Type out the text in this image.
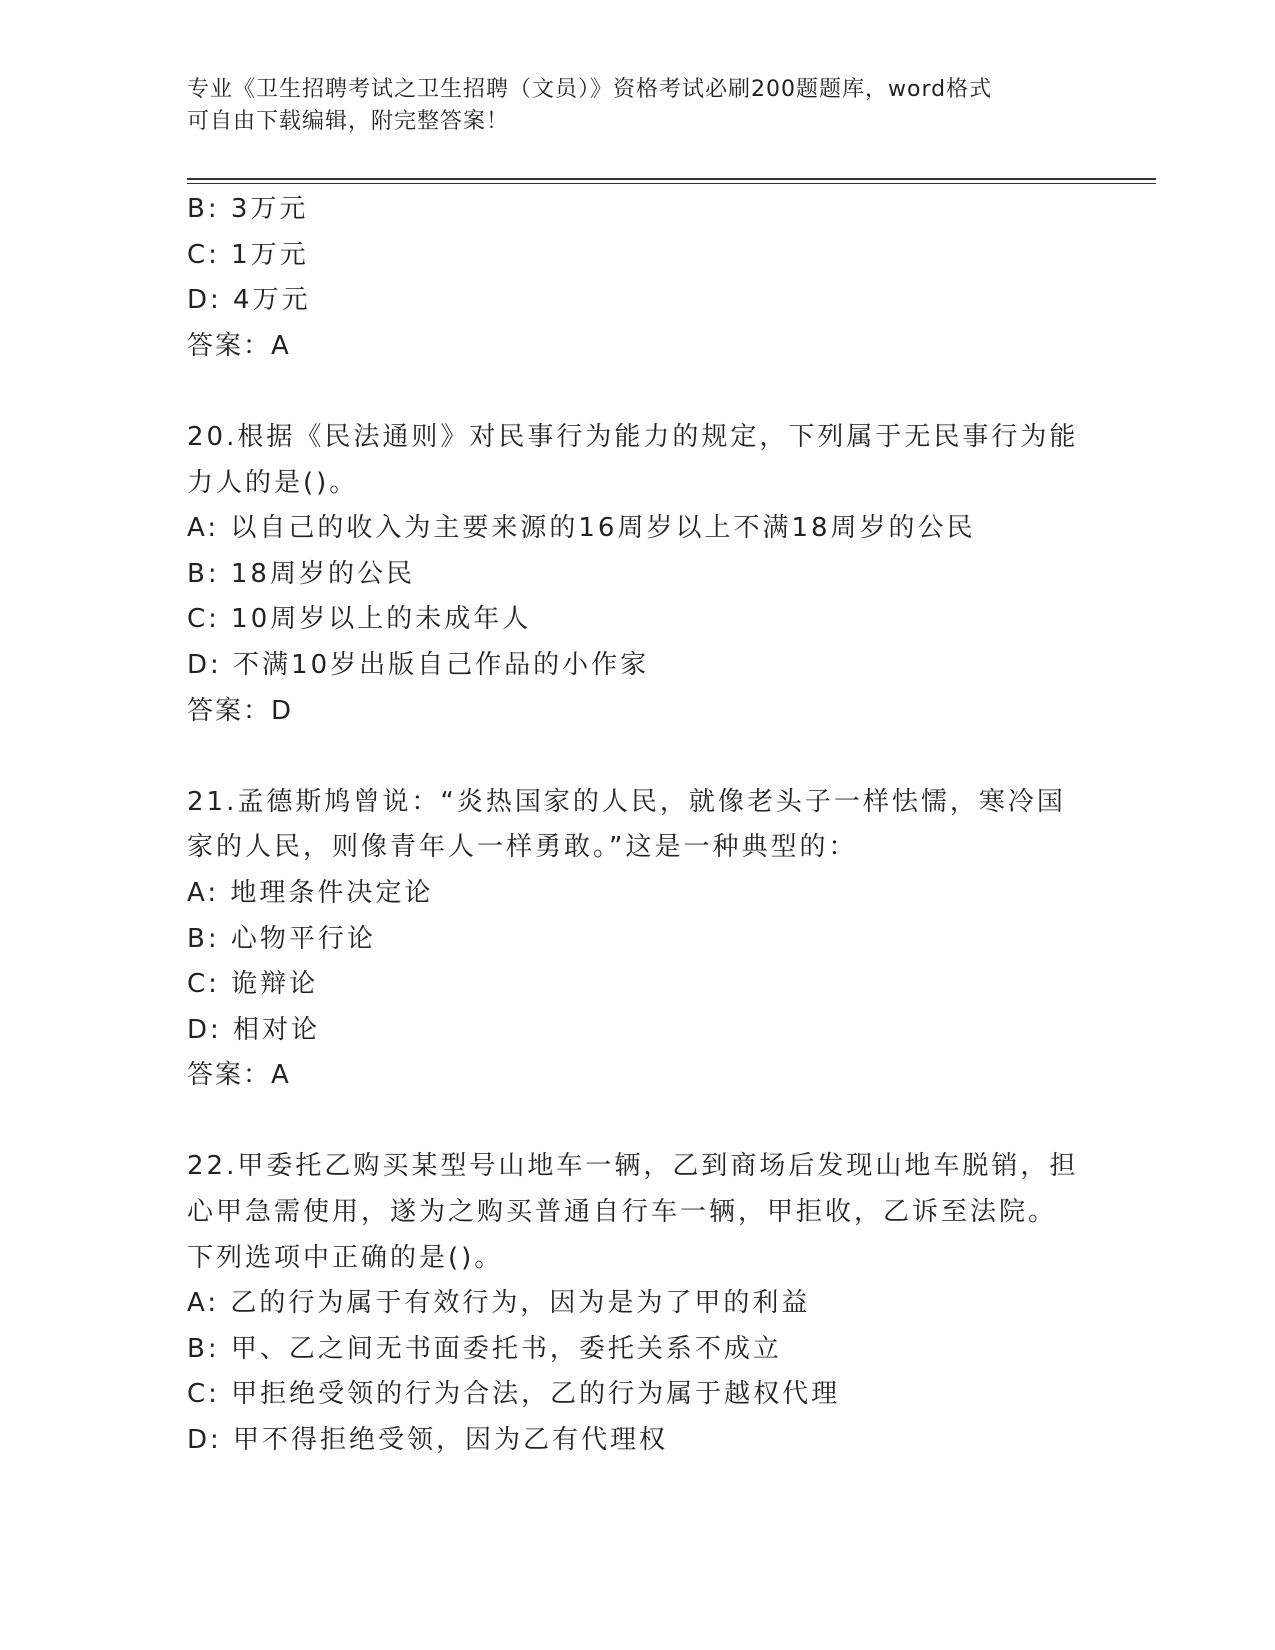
专业《卫生招聘考试之卫生招聘（文员）》资格考试必刷200题题库，word格式
可自由下载编辑，附完整答案！
B: 3万元
C: 1万元
D: 4万元
答案：A
20.根据《民法通则》对民事行为能力的规定，下列属于无民事行为能
力人的是()。
A: 以自己的收入为主要来源的16周岁以上不满18周岁的公民
B: 18周岁的公民
C: 10周岁以上的未成年人
D: 不满10岁出版自己作品的小作家
答案：D
21.孟德斯鸠曾说：“炎热国家的人民，就像老头子一样怯懦，寒冷国
家的人民，则像青年人一样勇敢。”这是一种典型的：
A: 地理条件决定论
B: 心物平行论
C: 诡辩论
D: 相对论
答案：A
22.甲委托乙购买某型号山地车一辆，乙到商场后发现山地车脱销，担
心甲急需使用，遂为之购买普通自行车一辆，甲拒收，乙诉至法院。
下列选项中正确的是()。
A: 乙的行为属于有效行为，因为是为了甲的利益
B: 甲、乙之间无书面委托书，委托关系不成立
C: 甲拒绝受领的行为合法，乙的行为属于越权代理
D: 甲不得拒绝受领，因为乙有代理权
